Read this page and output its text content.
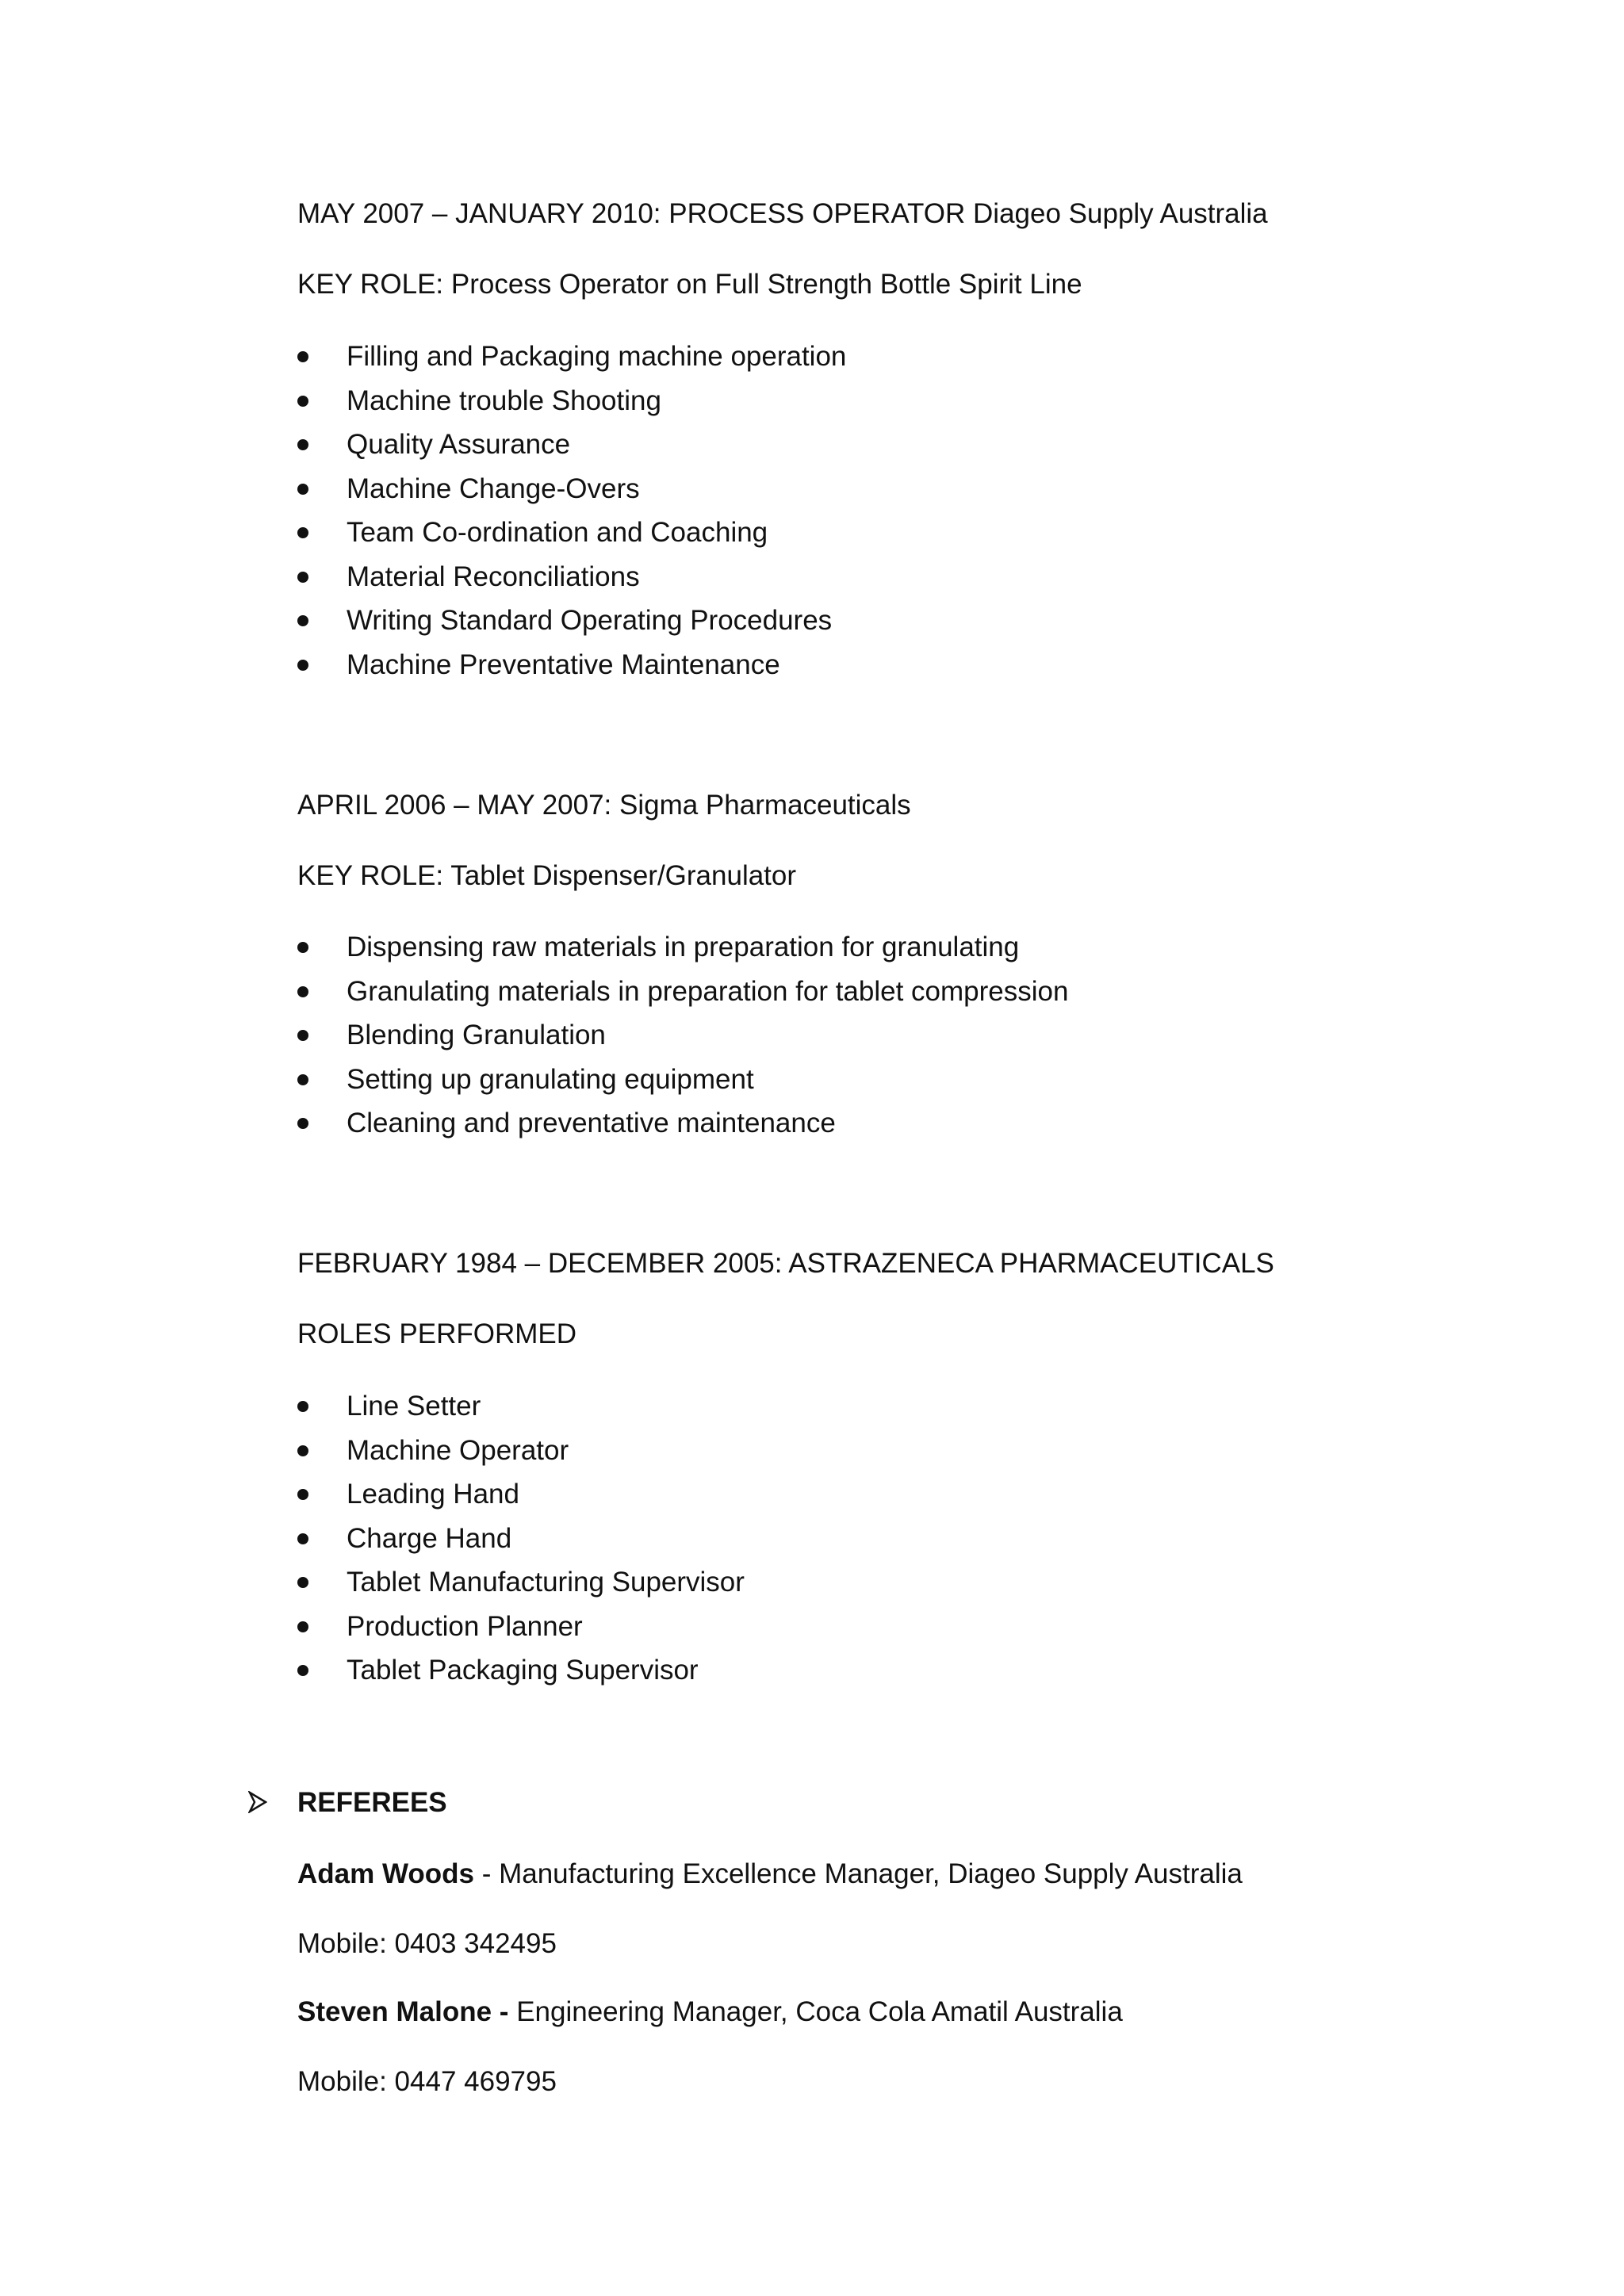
MAY 2007 – JANUARY 2010: PROCESS OPERATOR Diageo Supply Australia
KEY ROLE: Process Operator on Full Strength Bottle Spirit Line
Filling and Packaging machine operation
Machine trouble Shooting
Quality Assurance
Machine Change-Overs
Team Co-ordination and Coaching
Material Reconciliations
Writing Standard Operating Procedures
Machine Preventative Maintenance
APRIL 2006 – MAY 2007: Sigma Pharmaceuticals
KEY ROLE: Tablet Dispenser/Granulator
Dispensing raw materials in preparation for granulating
Granulating materials in preparation for tablet compression
Blending Granulation
Setting up granulating equipment
Cleaning and preventative maintenance
FEBRUARY 1984 – DECEMBER 2005: ASTRAZENECA PHARMACEUTICALS
ROLES PERFORMED
Line Setter
Machine Operator
Leading Hand
Charge Hand
Tablet Manufacturing Supervisor
Production Planner
Tablet Packaging Supervisor
REFEREES
Adam Woods - Manufacturing Excellence Manager, Diageo Supply Australia
Mobile: 0403 342495
Steven Malone - Engineering Manager, Coca Cola Amatil Australia
Mobile: 0447 469795
